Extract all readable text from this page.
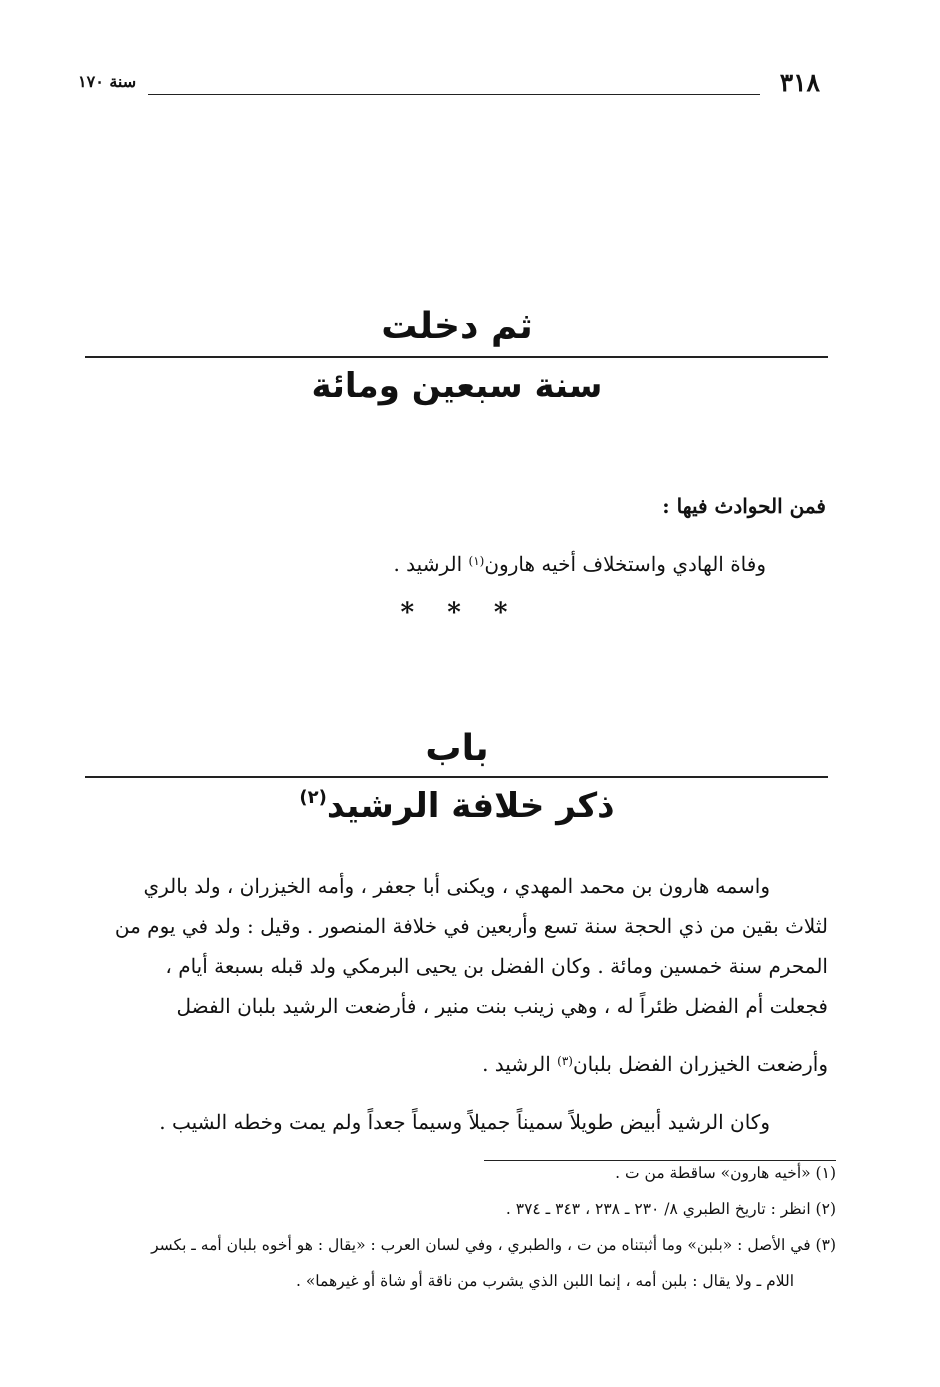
٣١٨
سنة ١٧٠
ثم دخلت
سنة سبعين ومائة
فمن الحوادث فيها :
وفاة الهادي واستخلاف أخيه هارون$^{(١)}$ الرشيد .
* * *
باب
ذكر خلافة الرشيد$^{(٢)}$
واسمه هارون بن محمد المهدي ، ويكنى أبا جعفر ، وأمه الخيزران ، ولد بالري
لثلاث بقين من ذي الحجة سنة تسع وأربعين في خلافة المنصور . وقيل : ولد في يوم من
المحرم سنة خمسين ومائة . وكان الفضل بن يحيى البرمكي ولد قبله بسبعة أيام ،
فجعلت أم الفضل ظئراً له ، وهي زينب بنت منير ، فأرضعت الرشيد بلبان الفضل
وأرضعت الخيزران الفضل بلبان$^{(٣)}$ الرشيد .
وكان الرشيد أبيض طويلاً سميناً جميلاً وسيماً جعداً ولم يمت وخطه الشيب .
(١) «أخيه هارون» ساقطة من ت .
(٢) انظر : تاريخ الطبري ٨/ ٢٣٠ ـ ٢٣٨ ، ٣٤٣ ـ ٣٧٤ .
(٣) في الأصل : «بلبن» وما أثبتناه من ت ، والطبري ، وفي لسان العرب : «يقال : هو أخوه بلبان أمه ـ بكسر
اللام ـ ولا يقال : بلبن أمه ، إنما اللبن الذي يشرب من ناقة أو شاة أو غيرهما» .
